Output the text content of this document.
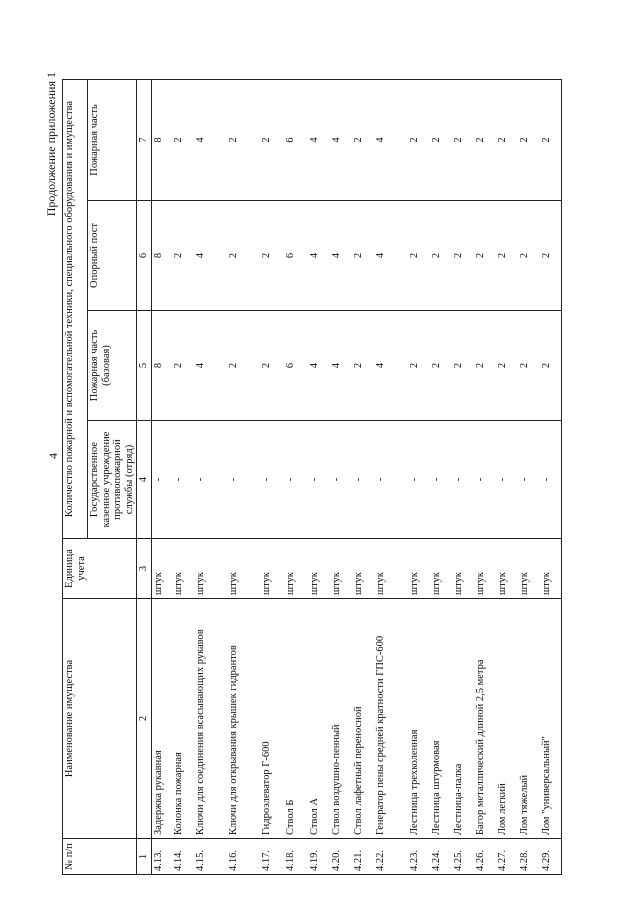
4
Продолжение приложения 1
№ п/п	Наименование имущества	Единица учета	Количество пожарной и вспомогательной техники, специального оборудования и имущества			
			Государственное казенное учреждение противопожарной службы (отряд)	Пожарная часть (базовая)	Опорный пост	Пожарная часть
1	2	3	4	5	6	7
4.13.	Задержка рукавная	штук	-	8	8	8
4.14.	Колонка пожарная	штук	-	2	2	2
4.15.	Ключи для соединения всасывающих рукавов	штук	-	4	4	4
4.16.	Ключи для открывания крышек гидрантов	штук	-	2	2	2
4.17.	Гидроэлеватор Г-600	штук	-	2	2	2
4.18.	Ствол Б	штук	-	6	6	6
4.19.	Ствол А	штук	-	4	4	4
4.20.	Ствол воздушно-пенный	штук	-	4	4	4
4.21.	Ствол лафетный переносной	штук	-	2	2	2
4.22.	Генератор пены средней кратности ГПС-600	штук	-	4	4	4
4.23.	Лестница трехколенная	штук	-	2	2	2
4.24.	Лестница штурмовая	штук	-	2	2	2
4.25.	Лестница-палка	штук	-	2	2	2
4.26.	Багор металлический длиной 2,5 метра	штук	-	2	2	2
4.27.	Лом легкий	штук	-	2	2	2
4.28.	Лом тяжелый	штук	-	2	2	2
4.29.	Лом "универсальный"	штук	-	2	2	2
